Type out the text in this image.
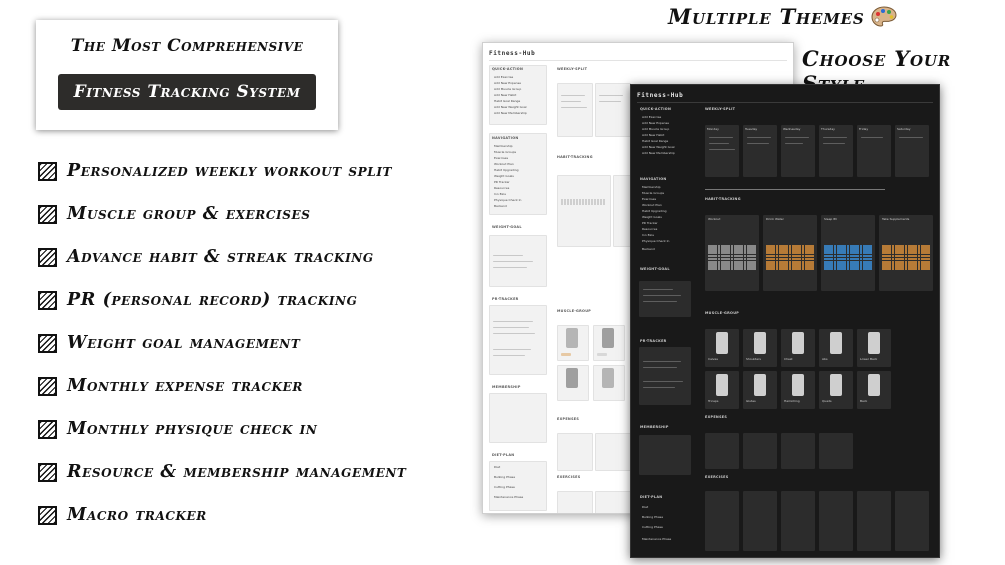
The Most Comprehensive
Fitness Tracking System
Personalized weekly workout split
Muscle group & exercises
Advance habit & streak tracking
PR (personal record) tracking
Weight goal management
Monthly expense tracker
Monthly physique check in
Resource & membership management
Macro tracker
Multiple Themes
Choose Your
Fitness-Hub
QUICK-ACTION
Add Exercise
Add New Expense
Add Muscle Group
Add New Habit
Habit Goal Range
Add New Weight Goal
Add New Membership
NAVIGATION
Membership
Muscle Groups
Exercises
Workout Plan
Habit Upgrading
Weight Goals
PR Tracker
Resources
Inn Bios
Physique Check In
Backend
WEIGHT-GOAL
PR-TRACKER
MEMBERSHIP
DIET-PLAN
Diet
Bulking Phase
Cutting Phase
Maintenance Phase
WEEKLY-SPLIT
HABIT-TRACKING
MUSCLE-GROUP
EXPENSES
EXERCISES
Fitness-Hub
QUICK-ACTION
Add Exercise
Add New Expense
Add Muscle Group
Add New Habit
Habit Goal Range
Add New Weight Goal
Add New Membership
NAVIGATION
Membership
Muscle Groups
Exercises
Workout Plan
Habit Upgrading
Weight Goals
PR Tracker
Resources
Inn Bios
Physique Check In
Backend
WEIGHT-GOAL
PR-TRACKER
MEMBERSHIP
DIET-PLAN
Diet
Bulking Phase
Cutting Phase
Maintenance Phase
WEEKLY-SPLIT
Monday	Tuesday	Wednesday	Thursday	Friday	Saturday
HABIT-TRACKING
Workout	Drink Water	Sleep 8h	Take Supplements
MUSCLE-GROUP
EXPENSES
EXERCISES
Calves	Shoulders	Chest	Abs	Lower Back
Triceps	Glutes	Hamstring	Quads	Back
